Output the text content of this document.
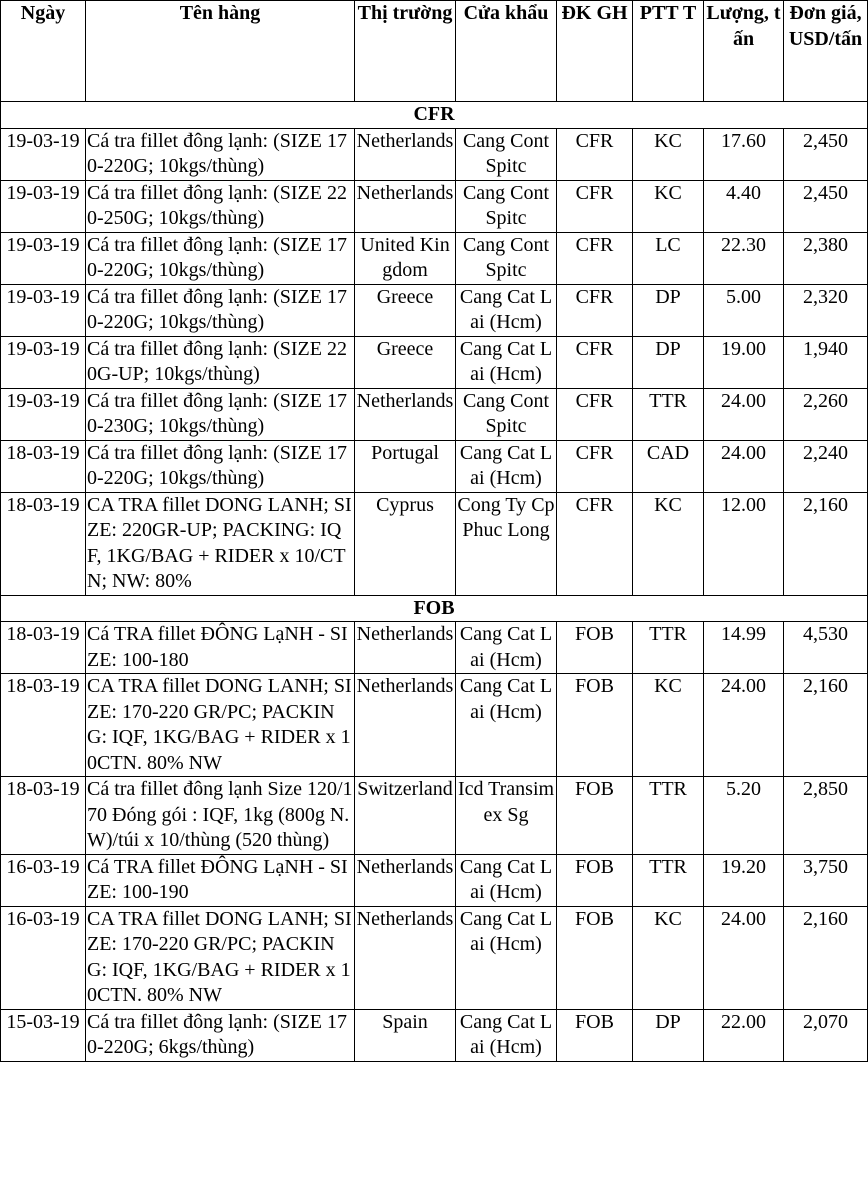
Ngày	Tên hàng	Thị trường	Cửa khẩu	ĐK GH	PTT T	Lượng, tấn	Đơn giá, USD/tấn
CFR							
19-03-19	Cá tra fillet đông lạnh: (SIZE 170-220G; 10kgs/thùng)	Netherlands	Cang Cont Spitc	CFR	KC	17.60	2,450
19-03-19	Cá tra fillet đông lạnh: (SIZE 220-250G; 10kgs/thùng)	Netherlands	Cang Cont Spitc	CFR	KC	4.40	2,450
19-03-19	Cá tra fillet đông lạnh: (SIZE 170-220G; 10kgs/thùng)	United Kingdom	Cang Cont Spitc	CFR	LC	22.30	2,380
19-03-19	Cá tra fillet đông lạnh: (SIZE 170-220G; 10kgs/thùng)	Greece	Cang Cat Lai (Hcm)	CFR	DP	5.00	2,320
19-03-19	Cá tra fillet đông lạnh: (SIZE 220G-UP; 10kgs/thùng)	Greece	Cang Cat Lai (Hcm)	CFR	DP	19.00	1,940
19-03-19	Cá tra fillet đông lạnh: (SIZE 170-230G; 10kgs/thùng)	Netherlands	Cang Cont Spitc	CFR	TTR	24.00	2,260
18-03-19	Cá tra fillet đông lạnh: (SIZE 170-220G; 10kgs/thùng)	Portugal	Cang Cat Lai (Hcm)	CFR	CAD	24.00	2,240
18-03-19	CA TRA fillet DONG LANH; SIZE: 220GR-UP; PACKING: IQF, 1KG/BAG + RIDER x 10/CTN; NW: 80%	Cyprus	Cong Ty Cp Phuc Long	CFR	KC	12.00	2,160
FOB							
18-03-19	Cá TRA fillet ĐÔNG LạNH - SIZE: 100-180	Netherlands	Cang Cat Lai (Hcm)	FOB	TTR	14.99	4,530
18-03-19	CA TRA fillet DONG LANH; SIZE: 170-220 GR/PC; PACKING: IQF, 1KG/BAG + RIDER x 10CTN. 80% NW	Netherlands	Cang Cat Lai (Hcm)	FOB	KC	24.00	2,160
18-03-19	Cá tra fillet đông lạnh Size 120/170 Đóng gói : IQF, 1kg (800g N.W)/túi x 10/thùng (520 thùng)	Switzerland	Icd Transimex Sg	FOB	TTR	5.20	2,850
16-03-19	Cá TRA fillet ĐÔNG LạNH - SIZE: 100-190	Netherlands	Cang Cat Lai (Hcm)	FOB	TTR	19.20	3,750
16-03-19	CA TRA fillet DONG LANH; SIZE: 170-220 GR/PC; PACKING: IQF, 1KG/BAG + RIDER x 10CTN. 80% NW	Netherlands	Cang Cat Lai (Hcm)	FOB	KC	24.00	2,160
15-03-19	Cá tra fillet đông lạnh: (SIZE 170-220G; 6kgs/thùng)	Spain	Cang Cat Lai (Hcm)	FOB	DP	22.00	2,070
